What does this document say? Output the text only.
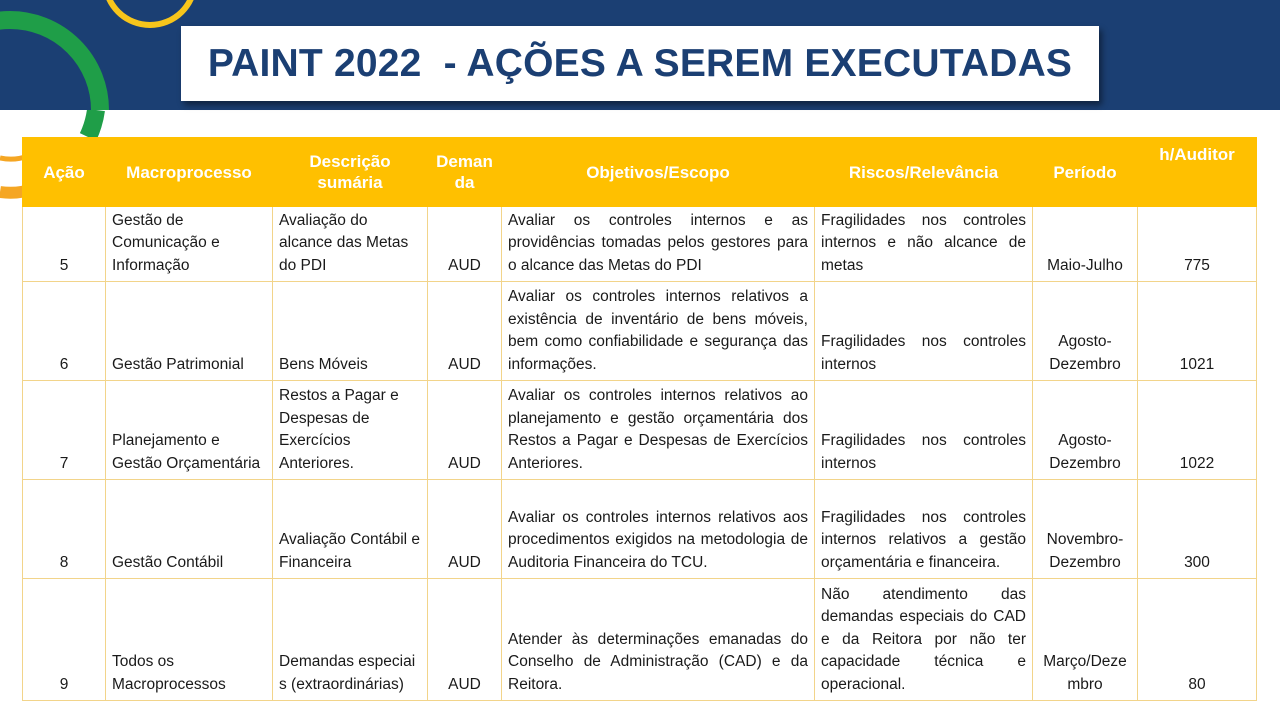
PAINT 2022  - AÇÕES A SEREM EXECUTADAS
Ação	Macroprocesso	Descrição sumária	Deman da	Objetivos/Escopo	Riscos/Relevância	Período	h/Auditor
5	Gestão de Comunicação e Informação	Avaliação do alcance das Metas do PDI	AUD	Avaliar os controles internos e as providências tomadas pelos gestores para o alcance das Metas do PDI	Fragilidades nos controles internos e não alcance de metas	Maio-Julho	775
6	Gestão Patrimonial	Bens Móveis	AUD	Avaliar os controles internos relativos a existência de inventário de bens móveis, bem como confiabilidade e segurança das informações.	Fragilidades nos controles internos	Agosto-Dezembro	1021
7	Planejamento e Gestão Orçamentária	Restos a Pagar e Despesas de Exercícios Anteriores.	AUD	Avaliar os controles internos relativos ao planejamento e gestão orçamentária dos Restos a Pagar e Despesas de Exercícios Anteriores.	Fragilidades nos controles internos	Agosto-Dezembro	1022
8	Gestão Contábil	Avaliação Contábil e Financeira	AUD	Avaliar os controles internos relativos aos procedimentos exigidos na metodologia de Auditoria Financeira do TCU.	Fragilidades nos controles internos relativos a gestão orçamentária e financeira.	Novembro-Dezembro	300
9	Todos os Macroprocessos	Demandas especiais (extraordinárias)	AUD	Atender às determinações emanadas do Conselho de Administração (CAD) e da Reitora.	Não atendimento das demandas especiais do CAD e da Reitora por não ter capacidade técnica e operacional.	Março/Dezembro	80
